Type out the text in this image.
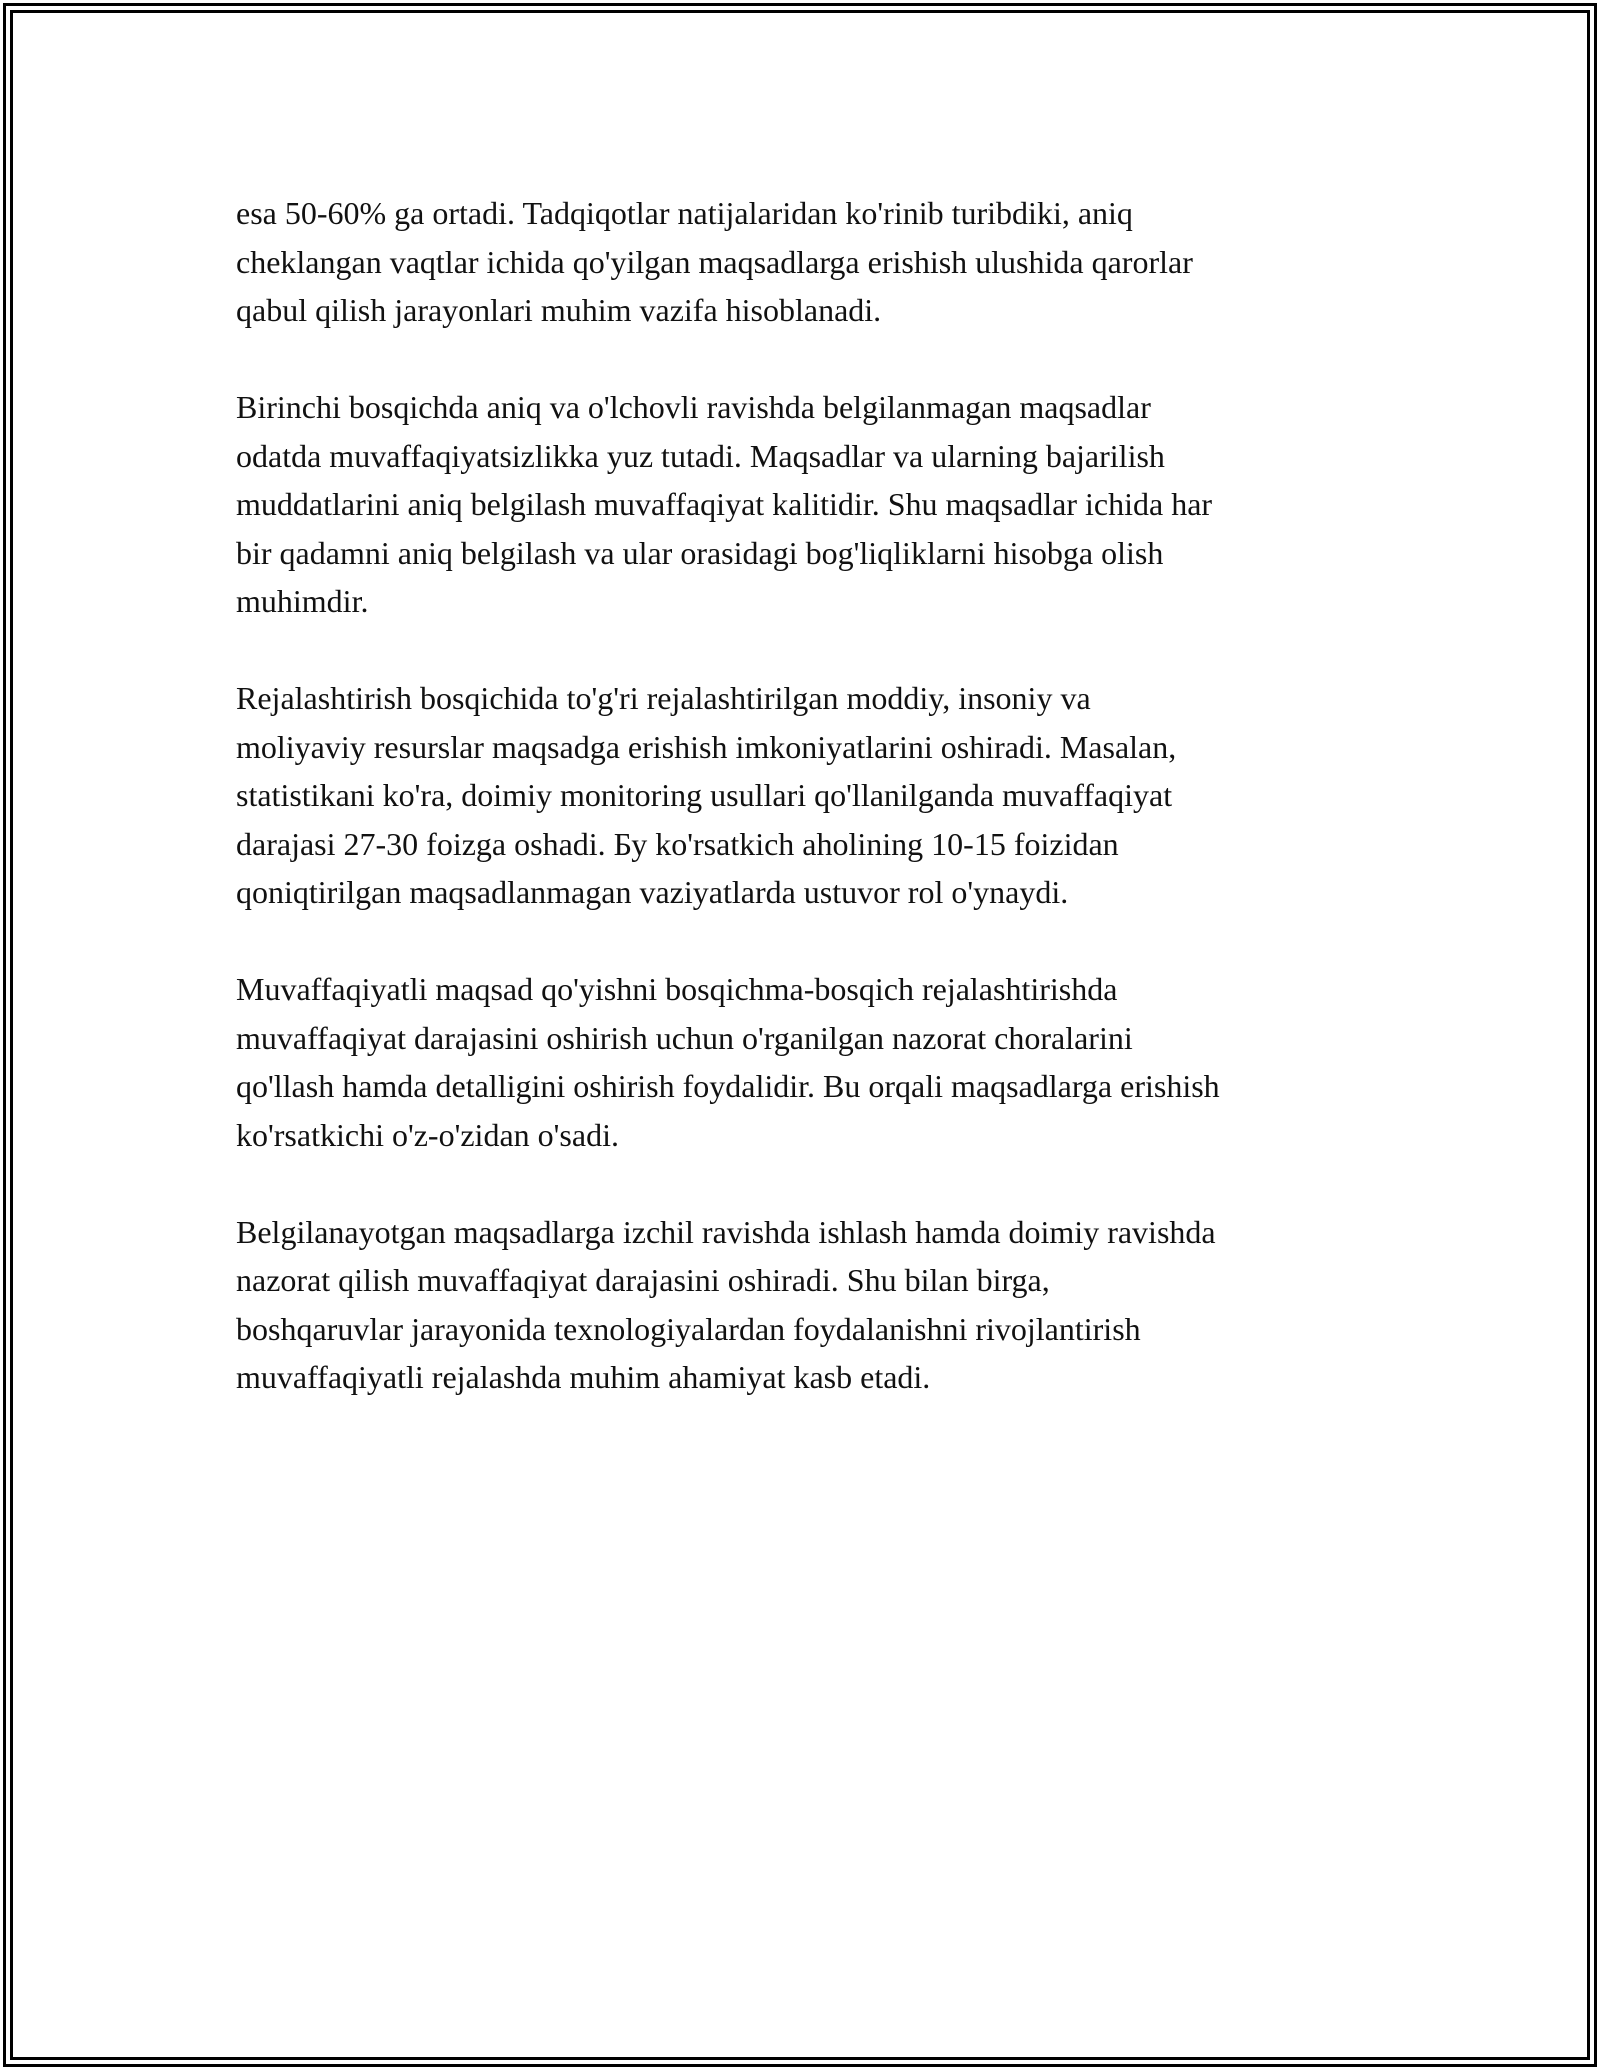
esa 50-60% ga ortadi. Tadqiqotlar natijalaridan ko'rinib turibdiki, aniq
cheklangan vaqtlar ichida qo'yilgan maqsadlarga erishish ulushida qarorlar
qabul qilish jarayonlari muhim vazifa hisoblanadi.

Birinchi bosqichda aniq va o'lchovli ravishda belgilanmagan maqsadlar
odatda muvaffaqiyatsizlikka yuz tutadi. Maqsadlar va ularning bajarilish
muddatlarini aniq belgilash muvaffaqiyat kalitidir. Shu maqsadlar ichida har
bir qadamni aniq belgilash va ular orasidagi bog'liqliklarni hisobga olish
muhimdir.

Rejalashtirish bosqichida to'g'ri rejalashtirilgan moddiy, insoniy va
moliyaviy resurslar maqsadga erishish imkoniyatlarini oshiradi. Masalan,
statistikani ko'ra, doimiy monitoring usullari qo'llanilganda muvaffaqiyat
darajasi 27-30 foizga oshadi. Бу ko'rsatkich aholining 10-15 foizidan
qoniqtirilgan maqsadlanmagan vaziyatlarda ustuvor rol o'ynaydi.

Muvaffaqiyatli maqsad qo'yishni bosqichma-bosqich rejalashtirishda
muvaffaqiyat darajasini oshirish uchun o'rganilgan nazorat choralarini
qo'llash hamda detalligini oshirish foydalidir. Bu orqali maqsadlarga erishish
ko'rsatkichi o'z-o'zidan o'sadi.

Belgilanayotgan maqsadlarga izchil ravishda ishlash hamda doimiy ravishda
nazorat qilish muvaffaqiyat darajasini oshiradi. Shu bilan birga,
boshqaruvlar jarayonida texnologiyalardan foydalanishni rivojlantirish
muvaffaqiyatli rejalashda muhim ahamiyat kasb etadi.
